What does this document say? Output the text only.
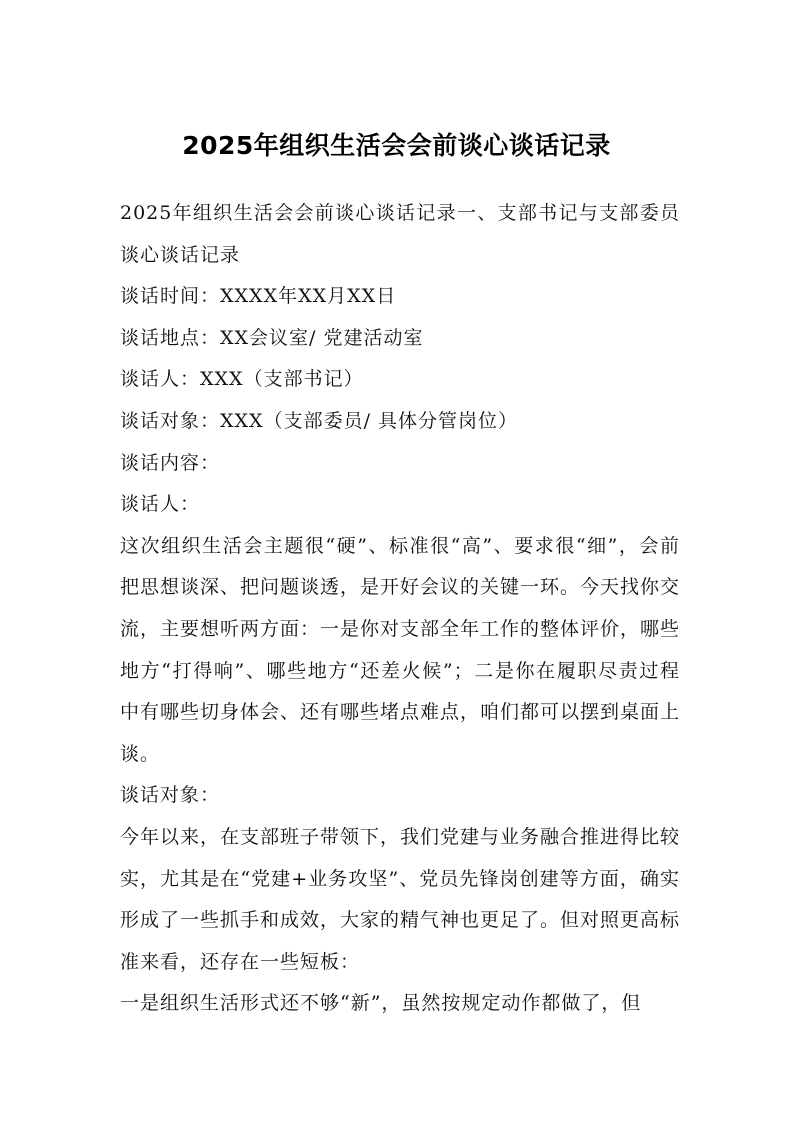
2025年组织生活会会前谈心谈话记录

2025年组织生活会会前谈心谈话记录一、支部书记与支部委员谈心谈话记录

谈话时间：XXXX年XX月XX日

谈话地点：XX会议室/ 党建活动室

谈话人：XXX（支部书记）

谈话对象：XXX（支部委员/ 具体分管岗位）

谈话内容：

谈话人：

这次组织生活会主题很“硬”、标准很“高”、要求很“细”，会前把思想谈深、把问题谈透，是开好会议的关键一环。今天找你交流，主要想听两方面：一是你对支部全年工作的整体评价，哪些地方“打得响”、哪些地方“还差火候”；二是你在履职尽责过程中有哪些切身体会、还有哪些堵点难点，咱们都可以摆到桌面上谈。

谈话对象：

今年以来，在支部班子带领下，我们党建与业务融合推进得比较实，尤其是在“党建+业务攻坚”、党员先锋岗创建等方面，确实形成了一些抓手和成效，大家的精气神也更足了。但对照更高标准来看，还存在一些短板：

一是组织生活形式还不够“新”，虽然按规定动作都做了，但
